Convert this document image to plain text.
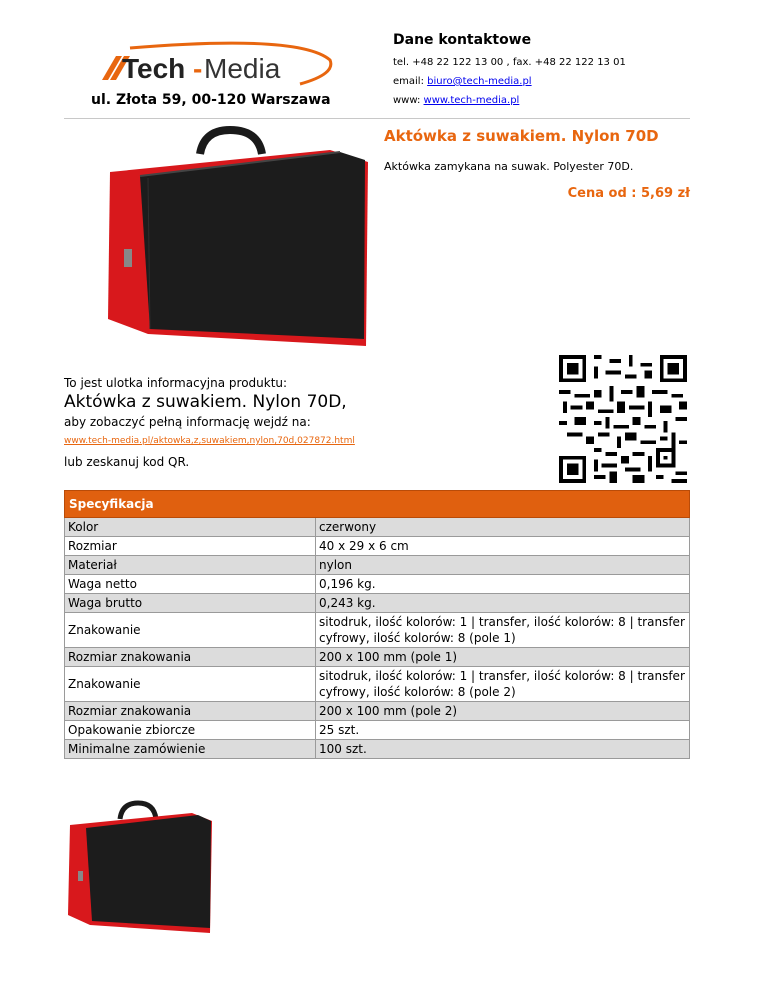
Tech - Media
ul. Złota 59, 00-120 Warszawa
Dane kontaktowe
tel. +48 22 122 13 00 , fax. +48 22 122 13 01
email: biuro@tech-media.pl
www: www.tech-media.pl
Aktówka z suwakiem. Nylon 70D
Aktówka zamykana na suwak. Polyester 70D.
Cena od : 5,69 zł
To jest ulotka informacyjna produktu:
Aktówka z suwakiem. Nylon 70D,
aby zobaczyć pełną informację wejdź na:
www.tech-media.pl/aktowka,z,suwakiem,nylon,70d,027872.html
lub zeskanuj kod QR.
Specyfikacja	
Kolor	czerwony
Rozmiar	40 x 29 x 6 cm
Materiał	nylon
Waga netto	0,196 kg.
Waga brutto	0,243 kg.
Znakowanie	sitodruk, ilość kolorów: 1 | transfer, ilość kolorów: 8 | transfer cyfrowy, ilość kolorów: 8 (pole 1)
Rozmiar znakowania	200 x 100 mm (pole 1)
Znakowanie	sitodruk, ilość kolorów: 1 | transfer, ilość kolorów: 8 | transfer cyfrowy, ilość kolorów: 8 (pole 2)
Rozmiar znakowania	200 x 100 mm (pole 2)
Opakowanie zbiorcze	25 szt.
Minimalne zamówienie	100 szt.
